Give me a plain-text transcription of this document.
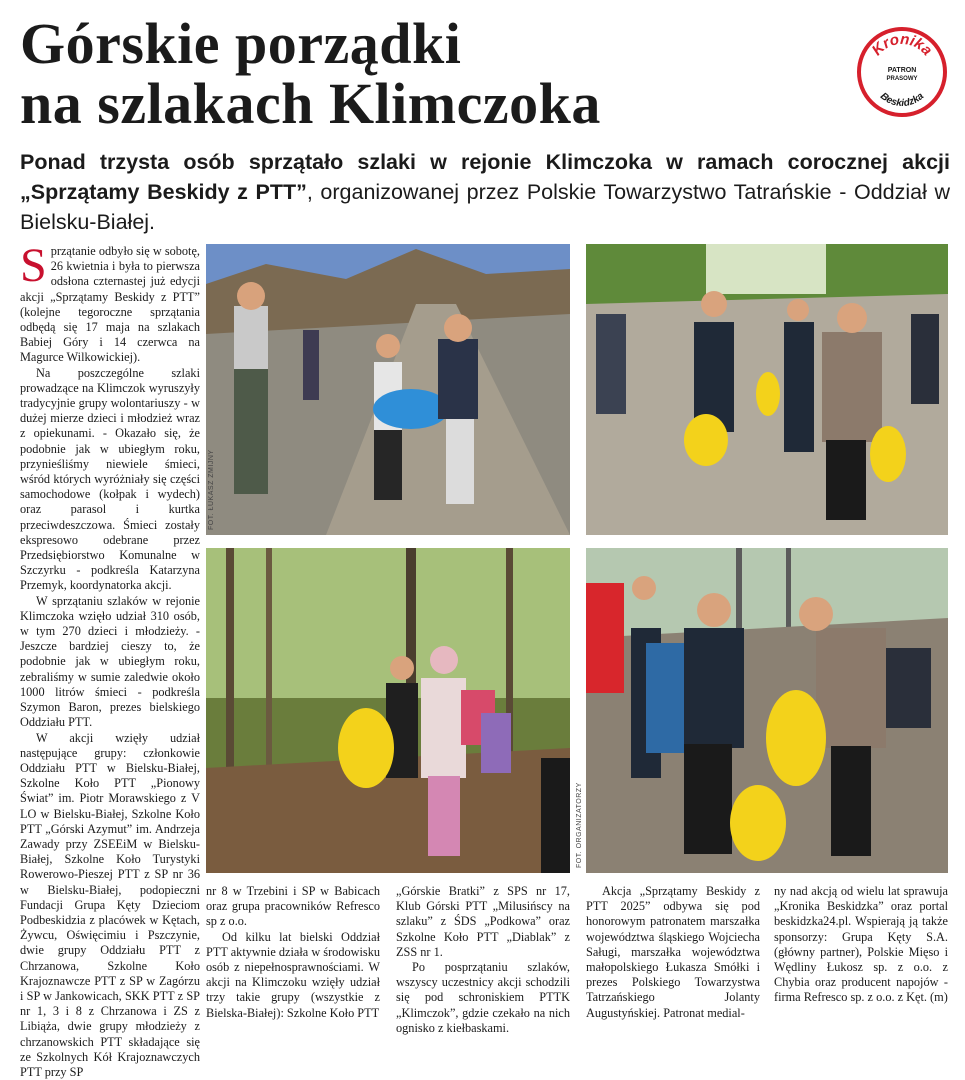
Górskie porządki
na szlakach Klimczoka
Kronika
PATRON
PRASOWY
Beskidzka

Ponad trzysta osób sprzątało szlaki w rejonie Klimczoka w ramach corocznej akcji „Sprzątamy Beskidy z PTT”, organizowanej przez Polskie Towarzystwo Tatrańskie - Oddział w Bielsku-Białej.

Sprzątanie odbyło się w sobotę, 26 kwietnia i była to pierwsza odsłona czternastej już edycji akcji „Sprzątamy Beskidy z PTT” (kolejne tegoroczne sprzątania odbędą się 17 maja na szlakach Babiej Góry i 14 czerwca na Magurce Wilkowickiej).

Na poszczególne szlaki prowadzące na Klimczok wyruszyły tradycyjnie grupy wolontariuszy - w dużej mierze dzieci i młodzież wraz z opiekunami. - Okazało się, że podobnie jak w ubiegłym roku, przynieśliśmy niewiele śmieci, wśród których wyróżniały się części samochodowe (kołpak i wydech) oraz parasol i kurtka przeciwdeszczowa. Śmieci zostały ekspresowo odebrane przez Przedsiębiorstwo Komunalne w Szczyrku - podkreśla Katarzyna Przemyk, koordynatorka akcji.

W sprzątaniu szlaków w rejonie Klimczoka wzięło udział 310 osób, w tym 270 dzieci i młodzieży. - Jeszcze bardziej cieszy to, że podobnie jak w ubiegłym roku, zebraliśmy w sumie zaledwie około 1000 litrów śmieci - podkreśla Szymon Baron, prezes bielskiego Oddziału PTT.

W akcji wzięły udział następujące grupy: członkowie Oddziału PTT w Bielsku-Białej, Szkolne Koło PTT „Pionowy Świat” im. Piotr Morawskiego z V LO w Bielsku-Białej, Szkolne Koło PTT „Górski Azymut” im. Andrzeja Zawady przy ZSEEiM w Bielsku-Białej, Szkolne Koło Turystyki Rowerowo-Pieszej PTT z SP nr 36 w Bielsku-Białej, podopieczni Fundacji Grupa Kęty Dzieciom Podbeskidzia z placówek w Kętach, Żywcu, Oświęcimiu i Pszczynie, dwie grupy Oddziału PTT z Chrzanowa, Szkolne Koło Krajoznawcze PTT z SP w Zagórzu i SP w Jankowicach, SKK PTT z SP nr 1, 3 i 8 z Chrzanowa i ZS z Libiąża, dwie grupy młodzieży z chrzanowskich PTT składające się ze Szkolnych Kół Krajoznawczych PTT przy SP

FOT. ŁUKASZ ZMIJNY
FOT. ORGANIZATORZY

nr 8 w Trzebini i SP w Babicach oraz grupa pracowników Refresco sp z o.o.

Od kilku lat bielski Oddział PTT aktywnie działa w środowisku osób z niepełnosprawnościami. W akcji na Klimczoku wzięły udział trzy takie grupy (wszystkie z Bielska-Białej): Szkolne Koło PTT

„Górskie Bratki” z SPS nr 17, Klub Górski PTT „Milusińscy na szlaku” z ŚDS „Podkowa” oraz Szkolne Koło PTT „Diablak” z ZSS nr 1.

Po posprzątaniu szlaków, wszyscy uczestnicy akcji schodzili się pod schroniskiem PTTK „Klimczok”, gdzie czekało na nich ognisko z kiełbaskami.

Akcja „Sprzątamy Beskidy z PTT 2025” odbywa się pod honorowym patronatem marszałka województwa śląskiego Wojciecha Saługi, marszałka województwa małopolskiego Łukasza Smółki i prezes Polskiego Towarzystwa Tatrzańskiego Jolanty Augustyńskiej. Patronat medial-

ny nad akcją od wielu lat sprawuja „Kronika Beskidzka” oraz portal beskidzka24.pl. Wspierają ją także sponsorzy: Grupa Kęty S.A. (główny partner), Polskie Mięso i Wędliny Łukosz sp. z o.o. z Chybia oraz producent napojów - firma Refresco sp. z o.o. z Kęt. (m)
